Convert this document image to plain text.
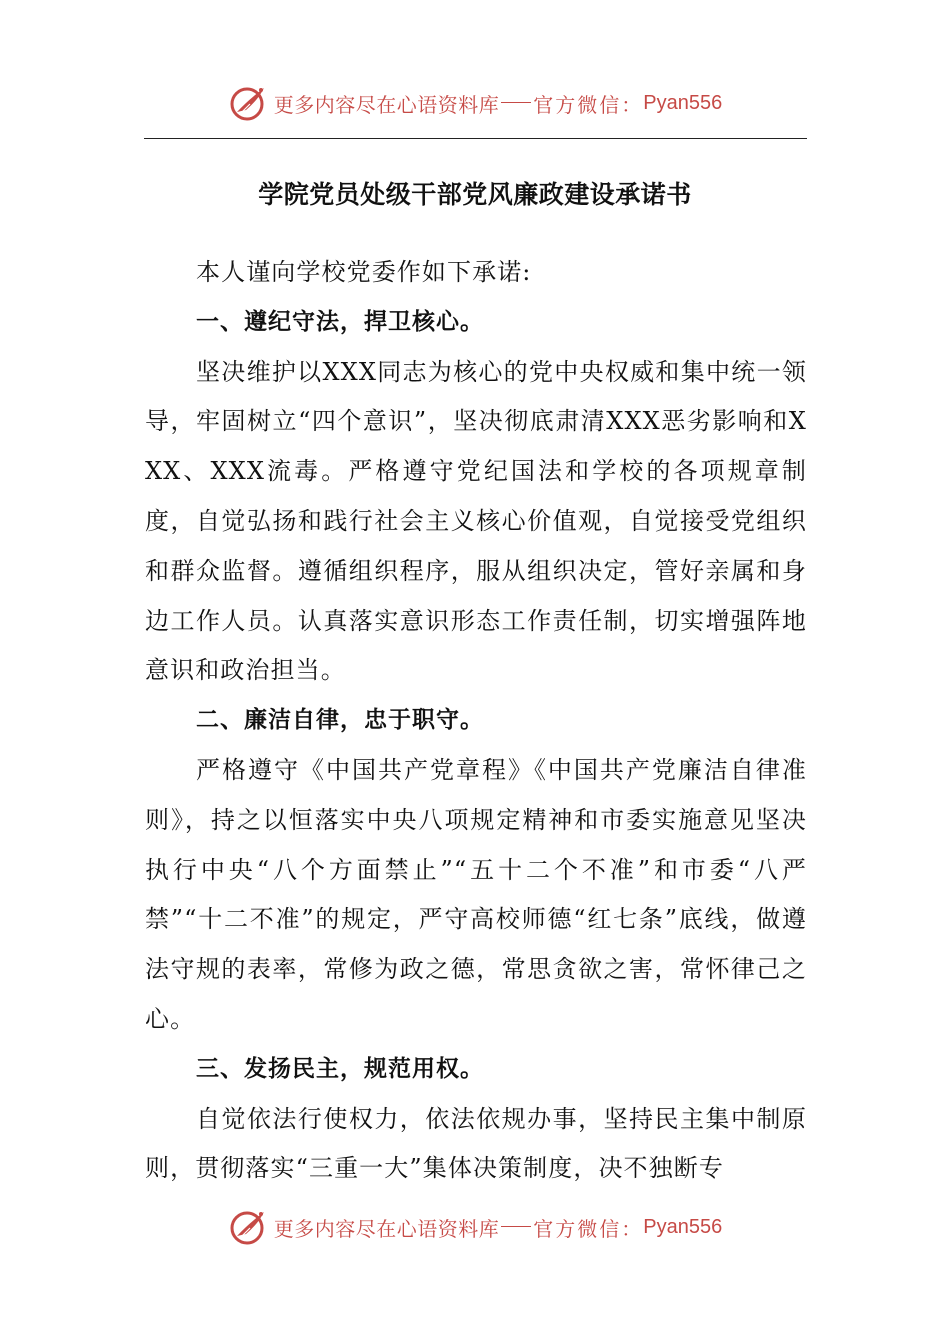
更多内容尽在心语资料库 官方微信： Pyan556
学院党员处级干部党风廉政建设承诺书

本人谨向学校党委作如下承诺:

一、遵纪守法，捍卫核心。

坚决维护以XXX同志为核心的党中央权威和集中统一领导，牢固树立“四个意识”，坚决彻底肃清XXX恶劣影响和XXX、XXX流毒。严格遵守党纪国法和学校的各项规章制度，自觉弘扬和践行社会主义核心价值观，自觉接受党组织和群众监督。遵循组织程序，服从组织决定，管好亲属和身边工作人员。认真落实意识形态工作责任制，切实增强阵地意识和政治担当。

二、廉洁自律，忠于职守。

严格遵守《中国共产党章程》《中国共产党廉洁自律准则》，持之以恒落实中央八项规定精神和市委实施意见坚决执行中央“八个方面禁止”“五十二个不准”和市委“八严禁”“十二不准”的规定，严守高校师德“红七条”底线，做遵法守规的表率，常修为政之德，常思贪欲之害，常怀律己之心。

三、发扬民主，规范用权。

自觉依法行使权力，依法依规办事，坚持民主集中制原则，贯彻落实“三重一大”集体决策制度，决不独断专

更多内容尽在心语资料库 官方微信： Pyan556
